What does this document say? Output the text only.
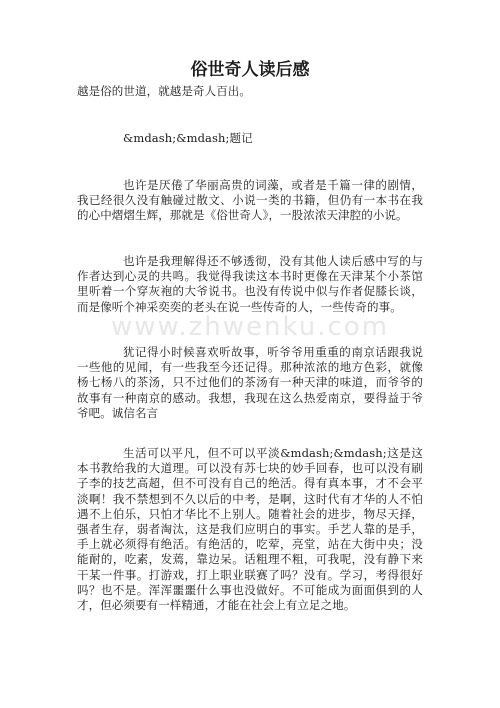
俗世奇人读后感

越是俗的世道，就越是奇人百出。

&mdash;&mdash;题记

也许是厌倦了华丽高贵的词藻，或者是千篇一律的剧情，我已经很久没有触碰过散文、小说一类的书籍，但仍有一本书在我的心中熠熠生辉，那就是《俗世奇人》，一股浓浓天津腔的小说。

也许是我理解得还不够透彻，没有其他人读后感中写的与作者达到心灵的共鸣。我觉得我读这本书时更像在天津某个小茶馆里听着一个穿灰袍的大爷说书。也没有传说中似与作者促膝长谈，而是像听个神采奕奕的老头在说一些传奇的人，一些传奇的事。

犹记得小时候喜欢听故事，听爷爷用重重的南京话跟我说一些他的见闻，有一些我至今还记得。那种浓浓的地方色彩，就像杨七杨八的茶汤，只不过他们的茶汤有一种天津的味道，而爷爷的故事有一种南京的感动。我想，我现在这么热爱南京，要得益于爷爷吧。诚信名言

生活可以平凡，但不可以平淡&mdash;&mdash;这是这本书教给我的大道理。可以没有苏七块的妙手回春，也可以没有刷子李的技艺高超，但不可没有自己的绝活。得有真本事，才不会平淡啊！我不禁想到不久以后的中考，是啊，这时代有才华的人不怕遇不上伯乐，只怕才华比不上别人。随着社会的进步，物尽天择，强者生存，弱者淘汰，这是我们应明白的事实。手艺人靠的是手，手上就必须得有绝活。有绝活的，吃荤，亮堂，站在大街中央；没能耐的，吃素，发蔫，靠边呆。话粗理不粗，可我呢，没有静下来干某一件事。打游戏，打上职业联赛了吗？没有。学习，考得很好吗？也不是。浑浑噩噩什么事也没做好。不可能成为面面俱到的人才，但必须要有一样精通，才能在社会上有立足之地。

www.zhwenku.com
